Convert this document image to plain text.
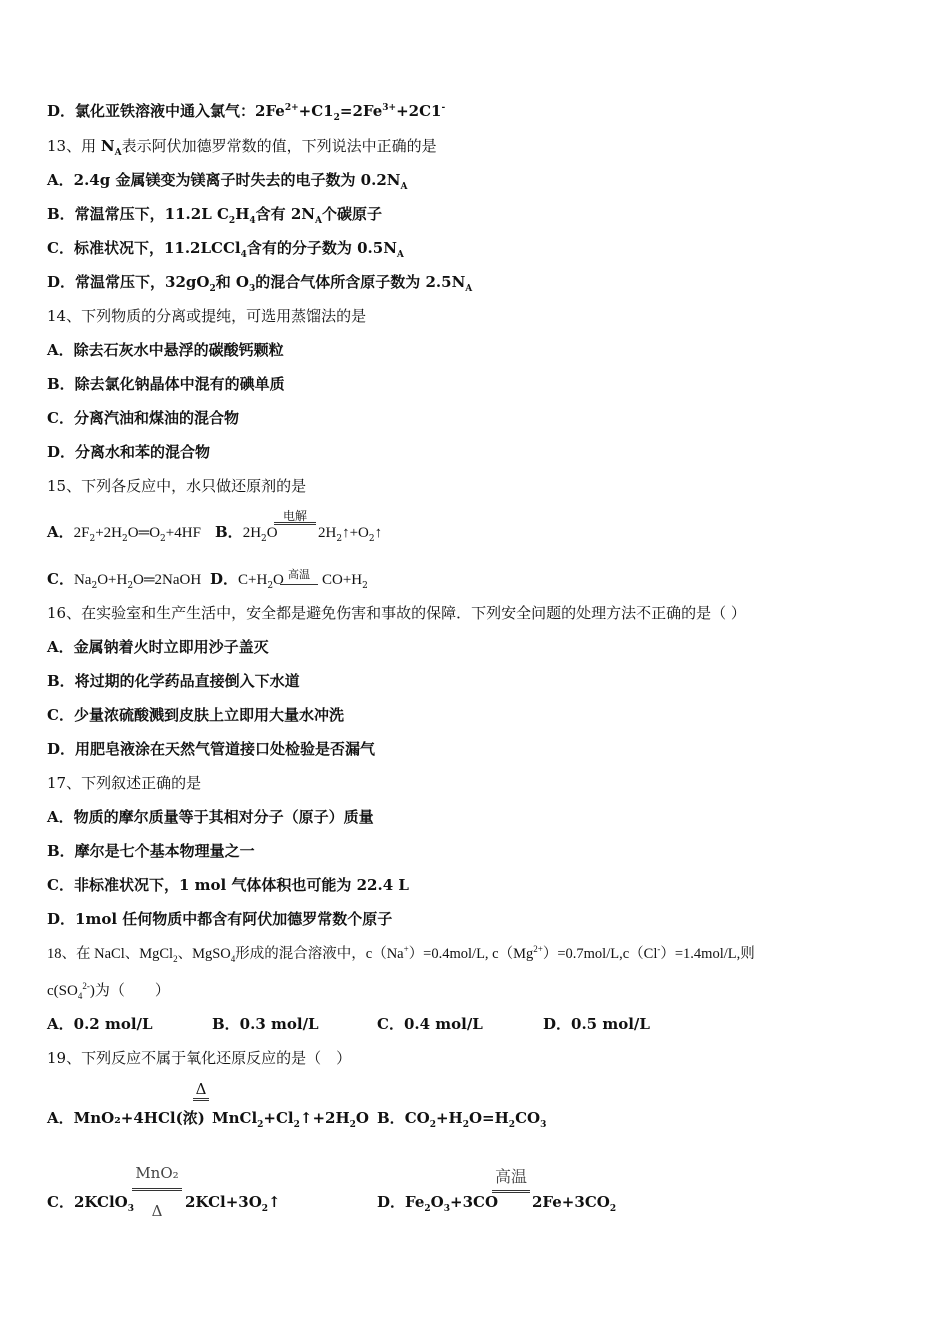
D．氯化亚铁溶液中通入氯气：$2Fe^{2+}+C1_2=2Fe^{3+}+2C1^-$
13、用 $N_A$表示阿伏加德罗常数的值，下列说法中正确的是
A．2.4g 金属镁变为镁离子时失去的电子数为 $0.2N_A$
B．常温常压下，11.2L $C_2H_4$含有 $2N_A$个碳原子
C．标准状况下，11.2LCCl$_4$含有的分子数为 $0.5N_A$
D．常温常压下，$32gO_2$和 $O_3$的混合气体所含原子数为 $2.5N_A$
14、下列物质的分离或提纯，可选用蒸馏法的是
A．除去石灰水中悬浮的碳酸钙颗粒
B．除去氯化钠晶体中混有的碘单质
C．分离汽油和煤油的混合物
D．分离水和苯的混合物
15、下列各反应中，水只做还原剂的是
A．$2F_2+2H_2O═O_2+4HF$ B．$2H_2O$
电解
$2H_2↑+O_2↑$
C．$Na_2O+H_2O═2NaOH$ D．$C+H_2O$ 高温 $CO+H_2$
16、在实验室和生产生活中，安全都是避免伤害和事故的保障．下列安全问题的处理方法不正确的是（ ）
A．金属钠着火时立即用沙子盖灭
B．将过期的化学药品直接倒入下水道
C．少量浓硫酸溅到皮肤上立即用大量水冲洗
D．用肥皂液涂在天然气管道接口处检验是否漏气
17、下列叙述正确的是
A．物质的摩尔质量等于其相对分子（原子）质量
B．摩尔是七个基本物理量之一
C．非标准状况下，1 mol 气体体积也可能为 22.4 L
D．1mol 任何物质中都含有阿伏加德罗常数个原子
18、在 NaCl、MgCl$_2$、MgSO$_4$形成的混合溶液中，c（Na+）=0.4mol/L, $c(Mg^{2+})=0.7mol/L,c(Cl^-)=1.4mol/L$,则
$c(SO_4^{2-})$为（　　）
A．0.2 mol/L	B．0.3 mol/L	C．0.4 mol/L	D．0.5 mol/L
19、下列反应不属于氧化还原反应的是（　）
A．MnO₂+4HCl(浓)
Δ
$MnCl_2+Cl_2↑+2H_2O$ B．$CO_2+H_2O=H_2CO_3$
C．2KClO$_3$
MnO₂
Δ	$2KCl+3O_2↑$	D．$Fe_2O_3+3CO$
高温
$2Fe+3CO_2$
